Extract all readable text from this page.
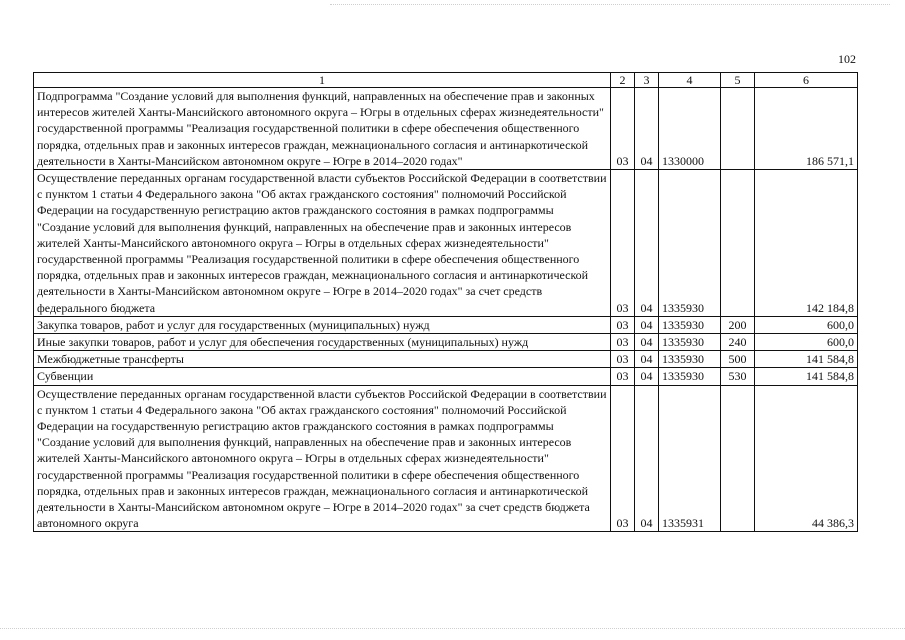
102
1	2	3	4	5	6
Подпрограмма "Создание условий для выполнения функций, направленных на обеспечение прав и законных интересов жителей Ханты-Мансийского автономного округа – Югры в отдельных сферах жизнедеятельности" государственной программы "Реализация государственной политики в сфере обеспечения общественного порядка, отдельных прав и законных интересов граждан, межнационального согласия и антинаркотической деятельности в Ханты-Мансийском автономном округе – Югре в 2014–2020 годах"	03	04	1330000		186 571,1
Осуществление переданных органам государственной власти субъектов Российской Федерации в соответствии с пунктом 1 статьи 4 Федерального закона "Об актах гражданского состояния" полномочий Российской Федерации на государственную регистрацию актов гражданского состояния в рамках подпрограммы "Создание условий для выполнения функций, направленных на обеспечение прав и законных интересов жителей Ханты-Мансийского автономного округа – Югры в отдельных сферах жизнедеятельности" государственной программы "Реализация государственной политики в сфере обеспечения общественного порядка, отдельных прав и законных интересов граждан, межнационального согласия и антинаркотической деятельности в Ханты-Мансийском автономном округе – Югре в 2014–2020 годах" за счет средств федерального бюджета	03	04	1335930		142 184,8
Закупка товаров, работ и услуг для государственных (муниципальных) нужд	03	04	1335930	200	600,0
Иные закупки товаров, работ и услуг для обеспечения государственных (муниципальных) нужд	03	04	1335930	240	600,0
Межбюджетные трансферты	03	04	1335930	500	141 584,8
Субвенции	03	04	1335930	530	141 584,8
Осуществление переданных органам государственной власти субъектов Российской Федерации в соответствии с пунктом 1 статьи 4 Федерального закона "Об актах гражданского состояния" полномочий Российской Федерации на государственную регистрацию актов гражданского состояния в рамках подпрограммы "Создание условий для выполнения функций, направленных на обеспечение прав и законных интересов жителей Ханты-Мансийского автономного округа – Югры в отдельных сферах жизнедеятельности" государственной программы "Реализация государственной политики в сфере обеспечения общественного порядка, отдельных прав и законных интересов граждан, межнационального согласия и антинаркотической деятельности в Ханты-Мансийском автономном округе – Югре в 2014–2020 годах" за счет средств бюджета автономного округа	03	04	1335931		44 386,3
